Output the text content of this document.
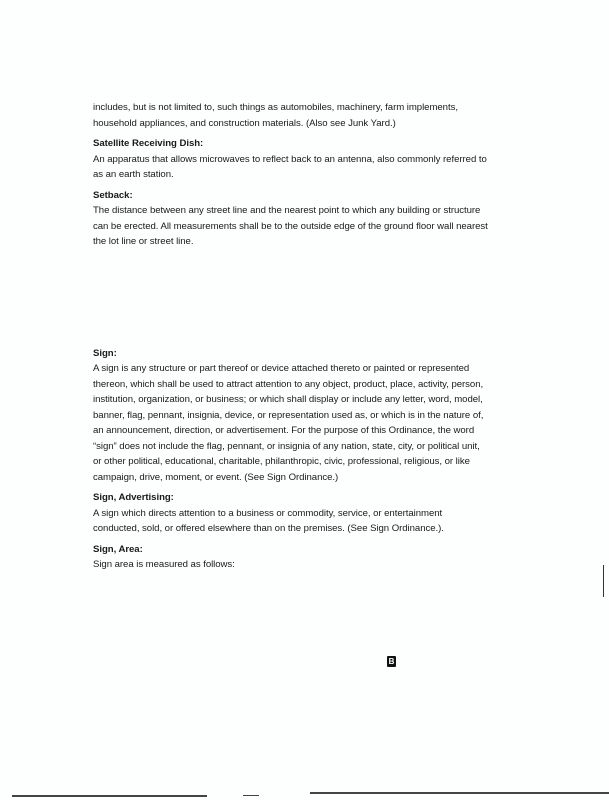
includes, but is not limited to, such things as automobiles, machinery, farm implements,
household appliances, and construction materials. (Also see Junk Yard.)
Satellite Receiving Dish:
An apparatus that allows microwaves to reflect back to an antenna, also commonly referred to
as an earth station.
Setback:
The distance between any street line and the nearest point to which any building or structure
can be erected. All measurements shall be to the outside edge of the ground floor wall nearest
the lot line or street line.
Sign:
A sign is any structure or part thereof or device attached thereto or painted or represented
thereon, which shall be used to attract attention to any object, product, place, activity, person,
institution, organization, or business; or which shall display or include any letter, word, model,
banner, flag, pennant, insignia, device, or representation used as, or which is in the nature of,
an announcement, direction, or advertisement. For the purpose of this Ordinance, the word
“sign” does not include the flag, pennant, or insignia of any nation, state, city, or political unit,
or other political, educational, charitable, philanthropic, civic, professional, religious, or like
campaign, drive, moment, or event. (See Sign Ordinance.)
Sign, Advertising:
A sign which directs attention to a business or commodity, service, or entertainment
conducted, sold, or offered elsewhere than on the premises. (See Sign Ordinance.).
Sign, Area:
Sign area is measured as follows:
B
